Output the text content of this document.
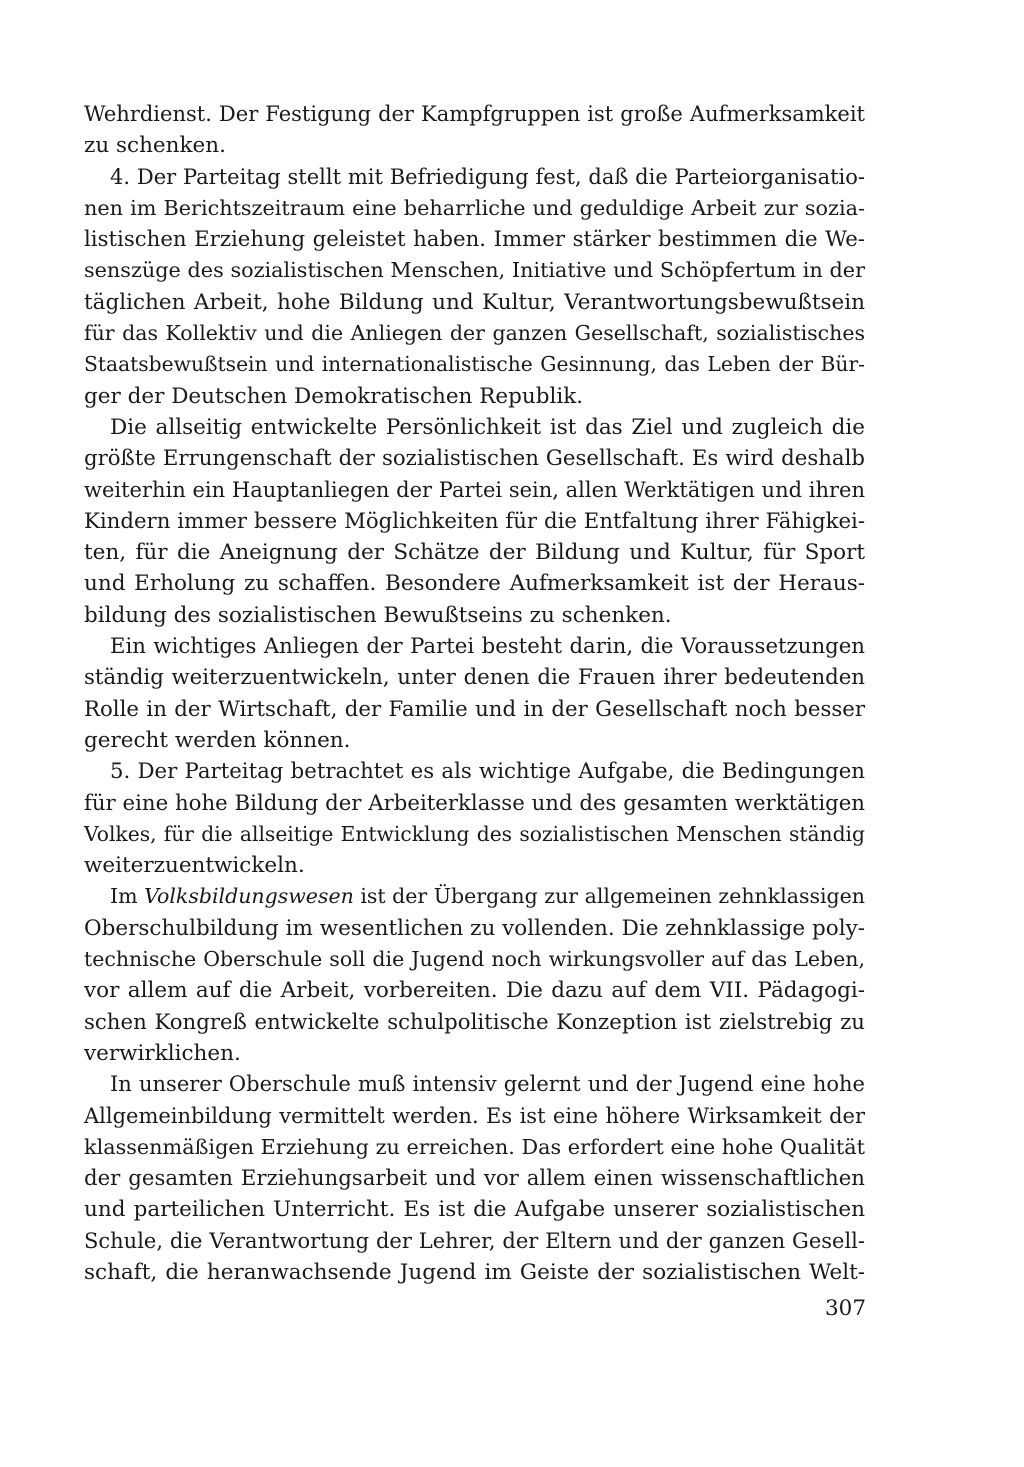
Wehrdienst. Der Festigung der Kampfgruppen ist große Aufmerksamkeit
zu schenken.
4. Der Parteitag stellt mit Befriedigung fest, daß die Parteiorganisatio-
nen im Berichtszeitraum eine beharrliche und geduldige Arbeit zur sozia-
listischen Erziehung geleistet haben. Immer stärker bestimmen die We-
senszüge des sozialistischen Menschen, Initiative und Schöpfertum in der
täglichen Arbeit, hohe Bildung und Kultur, Verantwortungsbewußtsein
für das Kollektiv und die Anliegen der ganzen Gesellschaft, sozialistisches
Staatsbewußtsein und internationalistische Gesinnung, das Leben der Bür-
ger der Deutschen Demokratischen Republik.
Die allseitig entwickelte Persönlichkeit ist das Ziel und zugleich die
größte Errungenschaft der sozialistischen Gesellschaft. Es wird deshalb
weiterhin ein Hauptanliegen der Partei sein, allen Werktätigen und ihren
Kindern immer bessere Möglichkeiten für die Entfaltung ihrer Fähigkei-
ten, für die Aneignung der Schätze der Bildung und Kultur, für Sport
und Erholung zu schaffen. Besondere Aufmerksamkeit ist der Heraus-
bildung des sozialistischen Bewußtseins zu schenken.
Ein wichtiges Anliegen der Partei besteht darin, die Voraussetzungen
ständig weiterzuentwickeln, unter denen die Frauen ihrer bedeutenden
Rolle in der Wirtschaft, der Familie und in der Gesellschaft noch besser
gerecht werden können.
5. Der Parteitag betrachtet es als wichtige Aufgabe, die Bedingungen
für eine hohe Bildung der Arbeiterklasse und des gesamten werktätigen
Volkes, für die allseitige Entwicklung des sozialistischen Menschen ständig
weiterzuentwickeln.
Im Volksbildungswesen ist der Übergang zur allgemeinen zehnklassigen
Oberschulbildung im wesentlichen zu vollenden. Die zehnklassige poly-
technische Oberschule soll die Jugend noch wirkungsvoller auf das Leben,
vor allem auf die Arbeit, vorbereiten. Die dazu auf dem VII. Pädagogi-
schen Kongreß entwickelte schulpolitische Konzeption ist zielstrebig zu
verwirklichen.
In unserer Oberschule muß intensiv gelernt und der Jugend eine hohe
Allgemeinbildung vermittelt werden. Es ist eine höhere Wirksamkeit der
klassenmäßigen Erziehung zu erreichen. Das erfordert eine hohe Qualität
der gesamten Erziehungsarbeit und vor allem einen wissenschaftlichen
und parteilichen Unterricht. Es ist die Aufgabe unserer sozialistischen
Schule, die Verantwortung der Lehrer, der Eltern und der ganzen Gesell-
schaft, die heranwachsende Jugend im Geiste der sozialistischen Welt-
307
